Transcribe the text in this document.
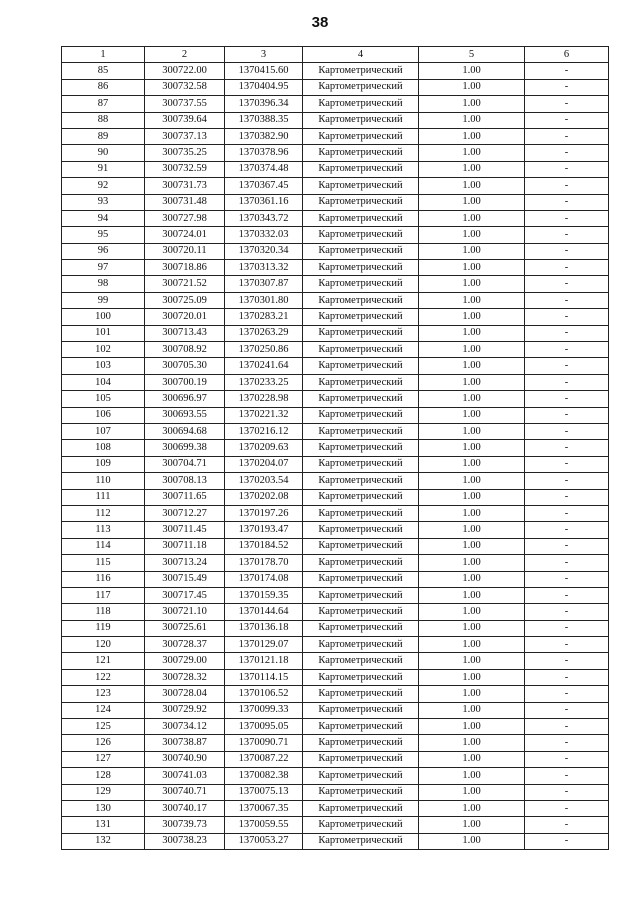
38
1	2	3	4	5	6
85	300722.00	1370415.60	Картометрический	1.00	-
86	300732.58	1370404.95	Картометрический	1.00	-
87	300737.55	1370396.34	Картометрический	1.00	-
88	300739.64	1370388.35	Картометрический	1.00	-
89	300737.13	1370382.90	Картометрический	1.00	-
90	300735.25	1370378.96	Картометрический	1.00	-
91	300732.59	1370374.48	Картометрический	1.00	-
92	300731.73	1370367.45	Картометрический	1.00	-
93	300731.48	1370361.16	Картометрический	1.00	-
94	300727.98	1370343.72	Картометрический	1.00	-
95	300724.01	1370332.03	Картометрический	1.00	-
96	300720.11	1370320.34	Картометрический	1.00	-
97	300718.86	1370313.32	Картометрический	1.00	-
98	300721.52	1370307.87	Картометрический	1.00	-
99	300725.09	1370301.80	Картометрический	1.00	-
100	300720.01	1370283.21	Картометрический	1.00	-
101	300713.43	1370263.29	Картометрический	1.00	-
102	300708.92	1370250.86	Картометрический	1.00	-
103	300705.30	1370241.64	Картометрический	1.00	-
104	300700.19	1370233.25	Картометрический	1.00	-
105	300696.97	1370228.98	Картометрический	1.00	-
106	300693.55	1370221.32	Картометрический	1.00	-
107	300694.68	1370216.12	Картометрический	1.00	-
108	300699.38	1370209.63	Картометрический	1.00	-
109	300704.71	1370204.07	Картометрический	1.00	-
110	300708.13	1370203.54	Картометрический	1.00	-
111	300711.65	1370202.08	Картометрический	1.00	-
112	300712.27	1370197.26	Картометрический	1.00	-
113	300711.45	1370193.47	Картометрический	1.00	-
114	300711.18	1370184.52	Картометрический	1.00	-
115	300713.24	1370178.70	Картометрический	1.00	-
116	300715.49	1370174.08	Картометрический	1.00	-
117	300717.45	1370159.35	Картометрический	1.00	-
118	300721.10	1370144.64	Картометрический	1.00	-
119	300725.61	1370136.18	Картометрический	1.00	-
120	300728.37	1370129.07	Картометрический	1.00	-
121	300729.00	1370121.18	Картометрический	1.00	-
122	300728.32	1370114.15	Картометрический	1.00	-
123	300728.04	1370106.52	Картометрический	1.00	-
124	300729.92	1370099.33	Картометрический	1.00	-
125	300734.12	1370095.05	Картометрический	1.00	-
126	300738.87	1370090.71	Картометрический	1.00	-
127	300740.90	1370087.22	Картометрический	1.00	-
128	300741.03	1370082.38	Картометрический	1.00	-
129	300740.71	1370075.13	Картометрический	1.00	-
130	300740.17	1370067.35	Картометрический	1.00	-
131	300739.73	1370059.55	Картометрический	1.00	-
132	300738.23	1370053.27	Картометрический	1.00	-
